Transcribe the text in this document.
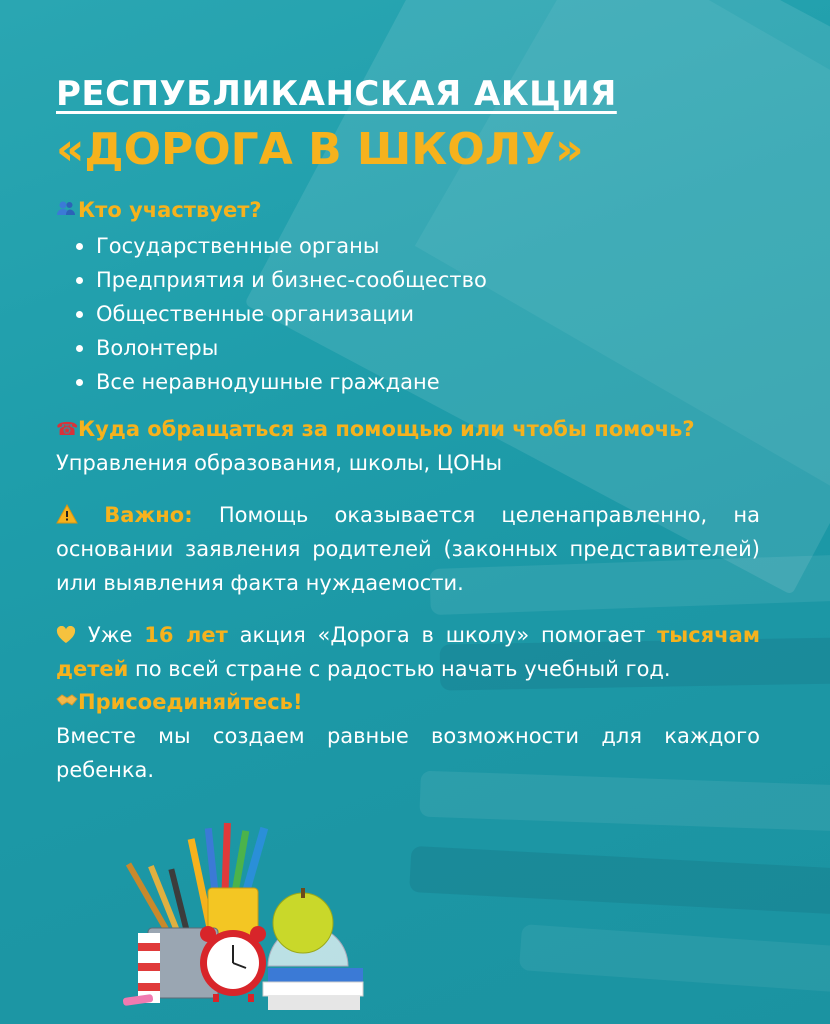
РЕСПУБЛИКАНСКАЯ АКЦИЯ
«ДОРОГА В ШКОЛУ»
Кто участвует?
Государственные органы
Предприятия и бизнес-сообщество
Общественные организации
Волонтеры
Все неравнодушные граждане
☎Куда обращаться за помощью или чтобы помочь?
Управления образования, школы, ЦОНы
Важно: Помощь оказывается целенаправленно, на основании заявления родителей (законных представителей) или выявления факта нуждаемости.
Уже 16 лет акция «Дорога в школу» помогает тысячам детей по всей стране с радостью начать учебный год.
Присоединяйтесь!
Вместе мы создаем равные возможности для каждого ребенка.
